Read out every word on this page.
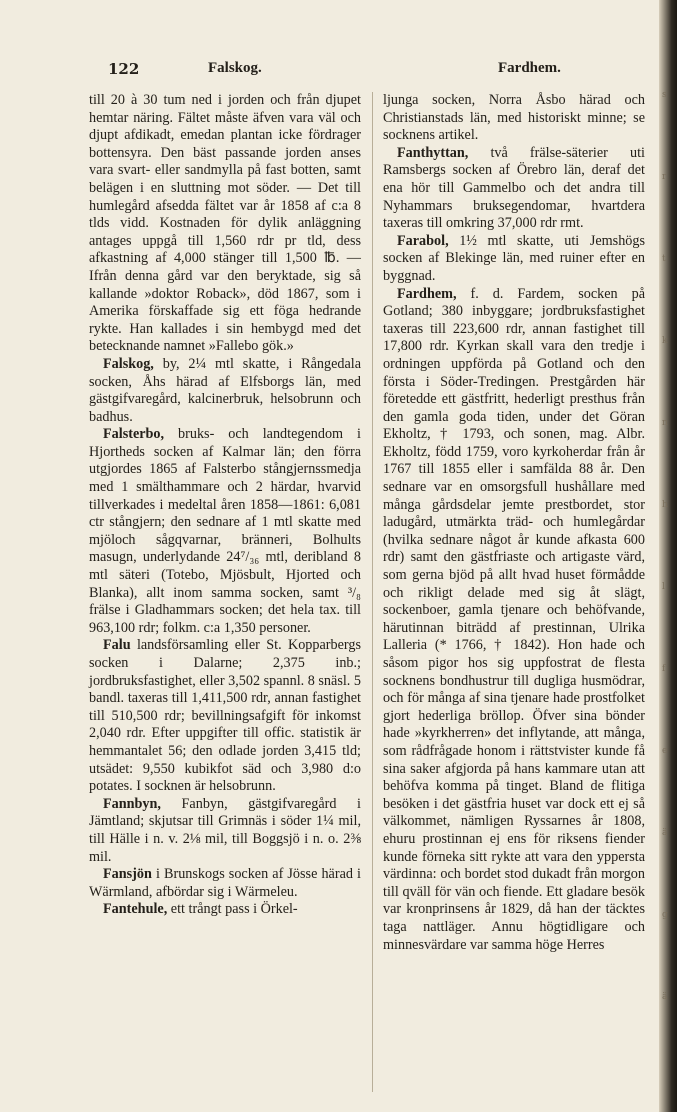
122	Falskog.	Fardhem.

till 20 à 30 tum ned i jorden och från djupet hemtar näring. Fältet måste äfven vara väl och djupt afdikadt, emedan plantan icke fördrager bottensyra. Den bäst passande jorden anses vara svart- eller sandmylla på fast botten, samt belägen i en sluttning mot söder. — Det till humlegård afsedda fältet var år 1858 af c:a 8 tlds vidd. Kostnaden för dylik anläggning antages uppgå till 1,560 rdr pr tld, dess afkastning af 4,000 stänger till 1,500 ℔. — Ifrån denna gård var den beryktade, sig så kallande »doktor Roback», död 1867, som i Amerika förskaffade sig ett föga hedrande rykte. Han kallades i sin hembygd med det betecknande namnet »Fallebo gök.»

Falskog, by, 2¼ mtl skatte, i Rångedala socken, Åhs härad af Elfsborgs län, med gästgifvaregård, kalcinerbruk, helsobrunn och badhus.

Falsterbo, bruks- och landtegendom i Hjortheds socken af Kalmar län; den förra utgjordes 1865 af Falsterbo stångjernssmedja med 1 smälthammare och 2 härdar, hvarvid tillverkades i medeltal åren 1858—1861: 6,081 ctr stångjern; den sednare af 1 mtl skatte med mjöloch sågqvarnar, bränneri, Bolhults masugn, underlydande 24⁷/₃₆ mtl, deribland 8 mtl säteri (Totebo, Mjösbult, Hjorted och Blanka), allt inom samma socken, samt ³/₈ frälse i Gladhammars socken; det hela tax. till 963,100 rdr; folkm. c:a 1,350 personer.

Falu landsförsamling eller St. Kopparbergs socken i Dalarne; 2,375 inb.; jordbruksfastighet, eller 3,502 spannl. 8 snäsl. 5 bandl. taxeras till 1,411,500 rdr, annan fastighet till 510,500 rdr; bevillningsafgift för inkomst 2,040 rdr. Efter uppgifter till offic. statistik är hemmantalet 56; den odlade jorden 3,415 tld; utsädet: 9,550 kubikfot säd och 3,980 d:o potates. I socknen är helsobrunn.

Fannbyn, Fanbyn, gästgifvaregård i Jämtland; skjutsar till Grimnäs i söder 1¼ mil, till Hälle i n. v. 2⅛ mil, till Boggsjö i n. o. 2⅜ mil.

Fansjön i Brunskogs socken af Jösse härad i Wärmland, afbördar sig i Wärmeleu.

Fantehule, ett trångt pass i Örkel-

ljunga socken, Norra Åsbo härad och Christianstads län, med historiskt minne; se socknens artikel.

Fanthyttan, två frälse-säterier uti Ramsbergs socken af Örebro län, deraf det ena hör till Gammelbo och det andra till Nyhammars bruksegendomar, hvartdera taxeras till omkring 37,000 rdr rmt.

Farabol, 1½ mtl skatte, uti Jemshögs socken af Blekinge län, med ruiner efter en byggnad.

Fardhem, f. d. Fardem, socken på Gotland; 380 inbyggare; jordbruksfastighet taxeras till 223,600 rdr, annan fastighet till 17,800 rdr. Kyrkan skall vara den tredje i ordningen uppförda på Gotland och den första i Söder-Tredingen. Prestgården här företedde ett gästfritt, hederligt presthus från den gamla goda tiden, under det Göran Ekholtz, † 1793, och sonen, mag. Albr. Ekholtz, född 1759, voro kyrkoherdar från år 1767 till 1855 eller i samfälda 88 år. Den sednare var en omsorgsfull hushållare med många gårdsdelar jemte prestbordet, stor ladugård, utmärkta träd- och humlegårdar (hvilka sednare något år kunde afkasta 600 rdr) samt den gästfriaste och artigaste värd, som gerna bjöd på allt hvad huset förmådde och rikligt delade med sig åt slägt, sockenboer, gamla tjenare och behöfvande, härutinnan biträdd af prestinnan, Ulrika Lalleria (* 1766, † 1842). Hon hade och såsom pigor hos sig uppfostrat de flesta socknens bondhustrur till dugliga husmödrar, och för många af sina tjenare hade prostfolket gjort hederliga bröllop. Öfver sina bönder hade »kyrkherren» det inflytande, att många, som rådfrågade honom i rättstvister kunde få sina saker afgjorda på hans kammare utan att behöfva komma på tinget. Bland de flitiga besöken i det gästfria huset var dock ett ej så välkommet, nämligen Ryssarnes år 1808, ehuru prostinnan ej ens för riksens fiender kunde förneka sitt rykte att vara den yppersta värdinna: och bordet stod dukadt från morgon till qväll för vän och fiende. Ett gladare besök var kronprinsens år 1829, då han der täcktes taga nattläger. Annu högtidligare och minnesvärdare var samma höge Herres

s
r
t
k
n
h
l
f
e
ä
g
ä
